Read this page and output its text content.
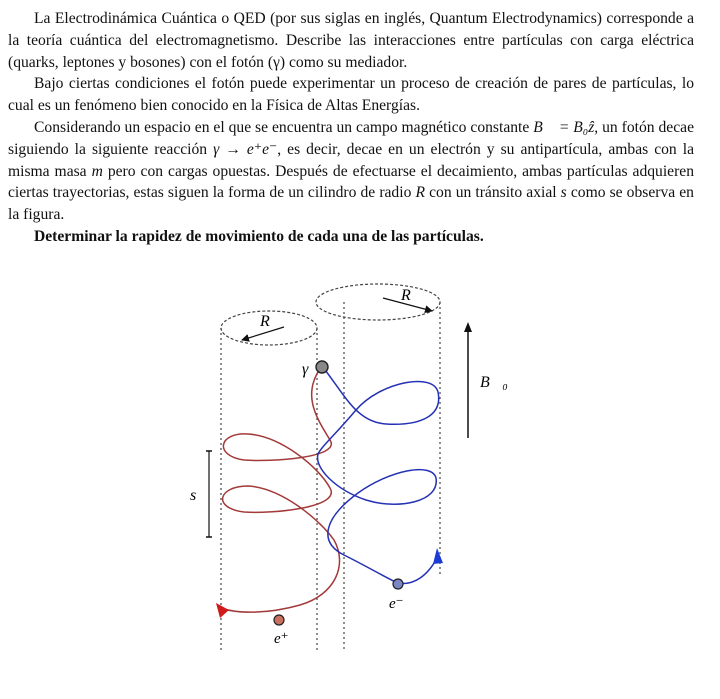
La Electrodinámica Cuántica o QED (por sus siglas en inglés, Quantum Electrodynamics) corresponde a la teoría cuántica del electromagnetismo. Describe las interacciones entre partículas con carga eléctrica (quarks, leptones y bosones) con el fotón (γ) como su mediador.

Bajo ciertas condiciones el fotón puede experimentar un proceso de creación de pares de partículas, lo cual es un fenómeno bien conocido en la Física de Altas Energías.

Considerando un espacio en el que se encuentra un campo magnético constante B⃗ = B₀ẑ, un fotón decae siguiendo la siguiente reacción γ → e⁺e⁻, es decir, decae en un electrón y su antipartícula, ambas con la misma masa m pero con cargas opuestas. Después de efectuarse el decaimiento, ambas partículas adquieren ciertas trayectorias, estas siguen la forma de un cilindro de radio R con un tránsito axial s como se observa en la figura.

Determinar la rapidez de movimiento de cada una de las partículas.

R
R
B⃗₀
s
γ
e⁻
e⁺
